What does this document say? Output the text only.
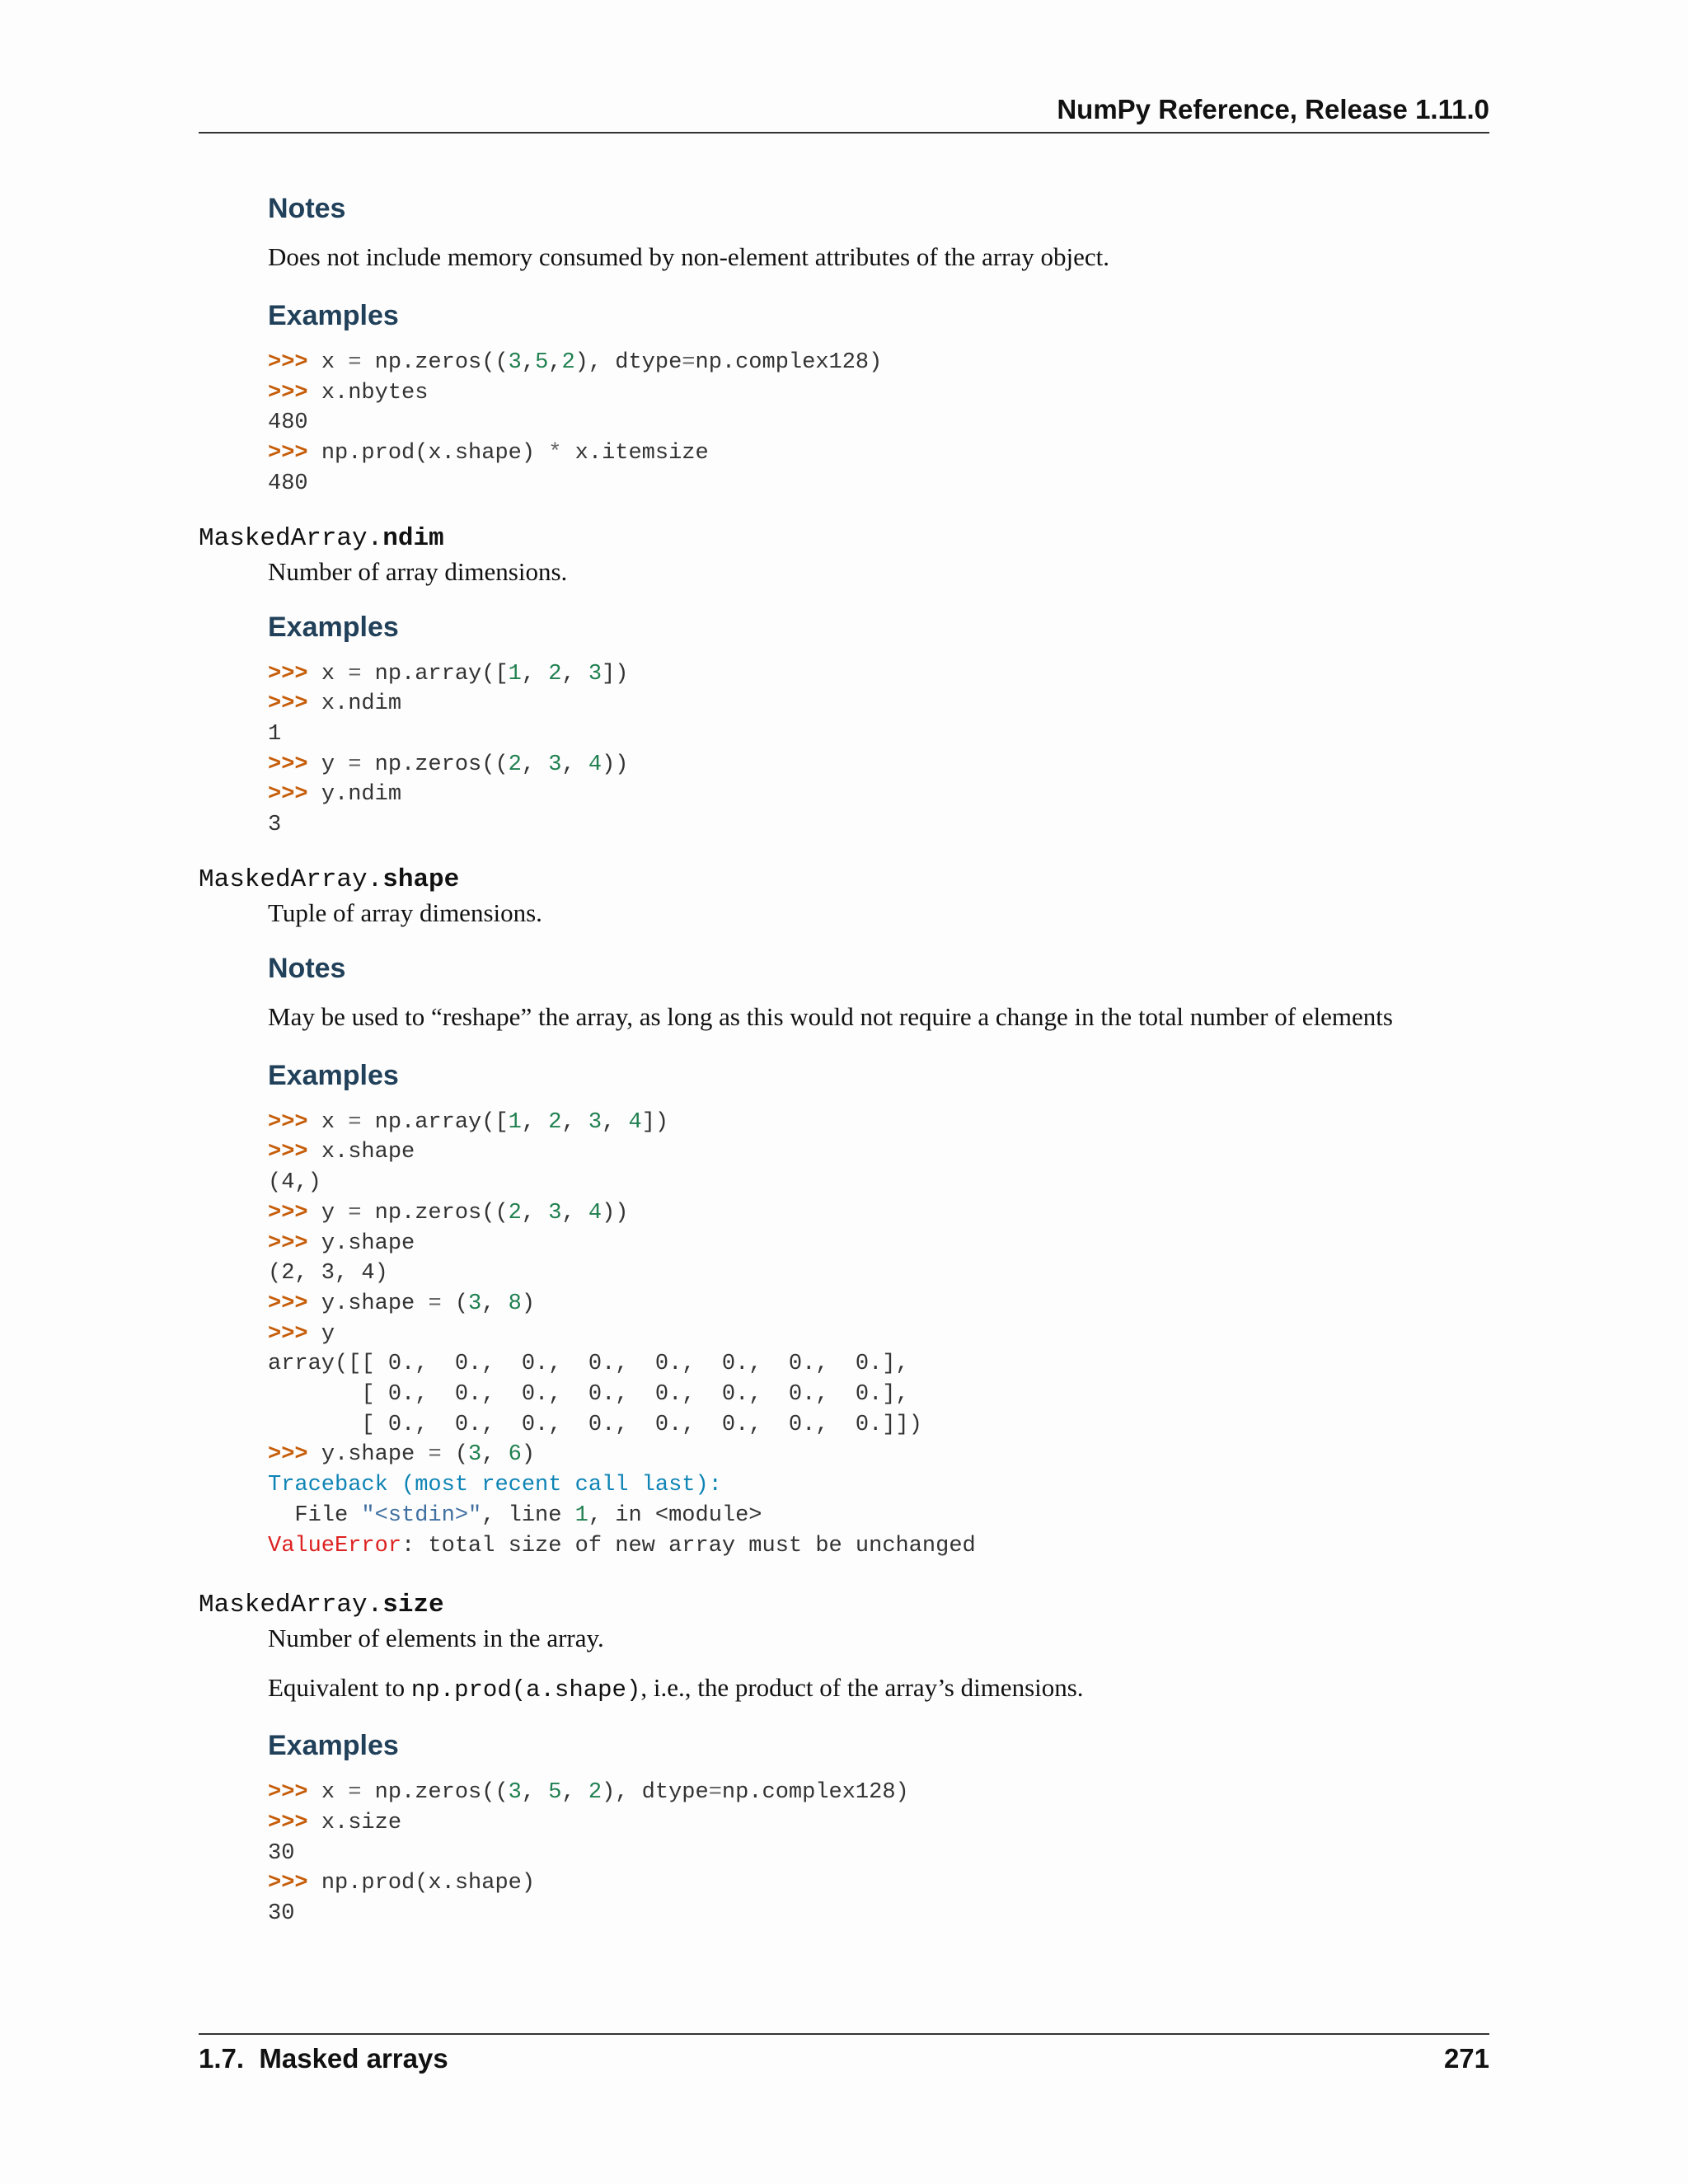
NumPy Reference, Release 1.11.0
Notes

Does not include memory consumed by non-element attributes of the array object.

Examples
>>> x = np.zeros((3,5,2), dtype=np.complex128)
>>> x.nbytes
480
>>> np.prod(x.shape) * x.itemsize
480
MaskedArray.ndim

Number of array dimensions.

Examples
>>> x = np.array([1, 2, 3])
>>> x.ndim
1
>>> y = np.zeros((2, 3, 4))
>>> y.ndim
3
MaskedArray.shape

Tuple of array dimensions.

Notes

May be used to “reshape” the array, as long as this would not require a change in the total number of elements

Examples
>>> x = np.array([1, 2, 3, 4])
>>> x.shape
(4,)
>>> y = np.zeros((2, 3, 4))
>>> y.shape
(2, 3, 4)
>>> y.shape = (3, 8)
>>> y
array([[ 0.,  0.,  0.,  0.,  0.,  0.,  0.,  0.],
[ 0.,  0.,  0.,  0.,  0.,  0.,  0.,  0.],
[ 0.,  0.,  0.,  0.,  0.,  0.,  0.,  0.]])
>>> y.shape = (3, 6)
Traceback (most recent call last):
File "<stdin>", line 1, in <module>
ValueError: total size of new array must be unchanged
MaskedArray.size

Number of elements in the array.

Equivalent to np.prod(a.shape), i.e., the product of the array’s dimensions.

Examples
>>> x = np.zeros((3, 5, 2), dtype=np.complex128)
>>> x.size
30
>>> np.prod(x.shape)
30
1.7.  Masked arrays	271
